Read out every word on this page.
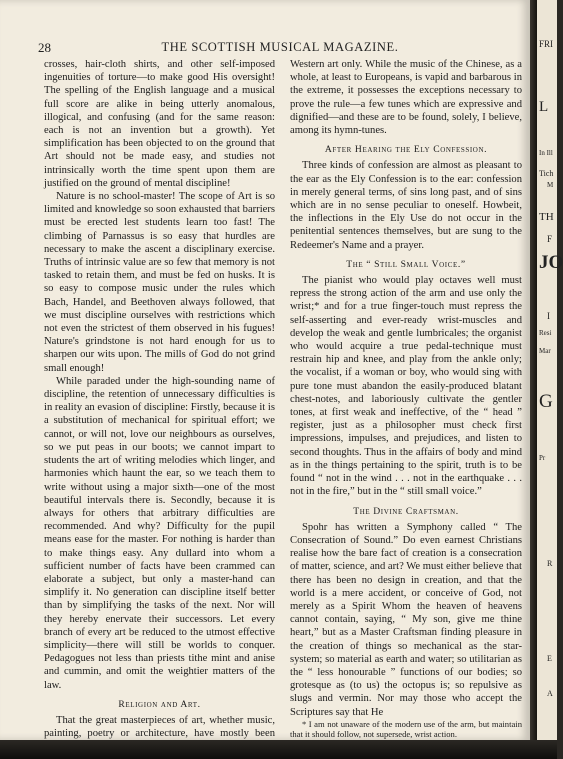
28	THE SCOTTISH MUSICAL MAGAZINE.

crosses, hair-cloth shirts, and other self-imposed ingenuities of torture—to make good His oversight! The spelling of the English language and a musical full score are alike in being utterly anomalous, illogical, and confusing (and for the same reason: each is not an invention but a growth). Yet simplification has been objected to on the ground that Art should not be made easy, and studies not intrinsically worth the time spent upon them are justified on the ground of mental discipline!

Nature is no school-master! The scope of Art is so limited and knowledge so soon exhausted that barriers must be erected lest students learn too fast! The climbing of Parnassus is so easy that hurdles are necessary to make the ascent a disciplinary exercise. Truths of intrinsic value are so few that memory is not tasked to retain them, and must be fed on husks. It is so easy to compose music under the rules which Bach, Handel, and Beethoven always followed, that we must discipline ourselves with restrictions which not even the strictest of them observed in his fugues! Nature's grindstone is not hard enough for us to sharpen our wits upon. The mills of God do not grind small enough!

While paraded under the high-sounding name of discipline, the retention of unnecessary difficulties is in reality an evasion of discipline: Firstly, because it is a substitution of mechanical for spiritual effort; we cannot, or will not, love our neighbours as ourselves, so we put peas in our boots; we cannot impart to students the art of writing melodies which linger, and harmonies which haunt the ear, so we teach them to write without using a major sixth—one of the most beautiful intervals there is. Secondly, because it is always for others that arbitrary difficulties are recommended. And why? Difficulty for the pupil means ease for the master. For nothing is harder than to make things easy. Any dullard into whom a sufficient number of facts have been crammed can elaborate a subject, but only a master-hand can simplify it. No generation can discipline itself better than by simplifying the tasks of the next. Nor will they hereby enervate their successors. Let every branch of every art be reduced to the utmost effective simplicity—there will still be worlds to conquer. Pedagogues not less than priests tithe mint and anise and cummin, and omit the weightier matters of the law.

Religion and Art.

That the great masterpieces of art, whether music, painting, poetry or architecture, have mostly been

Western art only. While the music of the Chinese, as a whole, at least to Europeans, is vapid and barbarous in the extreme, it possesses the exceptions necessary to prove the rule—a few tunes which are expressive and dignified—and these are to be found, solely, I believe, among its hymn-tunes.

After Hearing the Ely Confession.

Three kinds of confession are almost as pleasant to the ear as the Ely Confession is to the ear: confession in merely general terms, of sins long past, and of sins which are in no sense peculiar to oneself. Howbeit, the inflections in the Ely Use do not occur in the penitential sentences themselves, but are sung to the Redeemer's Name and a prayer.

The “ Still Small Voice.”

The pianist who would play octaves well must repress the strong action of the arm and use only the wrist;* and for a true finger-touch must repress the self-asserting and ever-ready wrist-muscles and develop the weak and gentle lumbricales; the organist who would acquire a true pedal-technique must restrain hip and knee, and play from the ankle only; the vocalist, if a woman or boy, who would sing with pure tone must abandon the easily-produced blatant chest-notes, and laboriously cultivate the gentler tones, at first weak and ineffective, of the “ head ” register, just as a philosopher must check first impressions, impulses, and prejudices, and listen to second thoughts. Thus in the affairs of body and mind as in the things pertaining to the spirit, truth is to be found “ not in the wind . . . not in the earthquake . . . not in the fire,” but in the “ still small voice.”

The Divine Craftsman.

Spohr has written a Symphony called “ The Consecration of Sound.” Do even earnest Christians realise how the bare fact of creation is a consecration of matter, science, and art? We must either believe that there has been no design in creation, and that the world is a mere accident, or conceive of God, not merely as a Spirit Whom the heaven of heavens cannot contain, saying, “ My son, give me thine heart,” but as a Master Craftsman finding pleasure in the creation of things so mechanical as the star-system; so material as earth and water; so utilitarian as the “ less honourable ” functions of our bodies; so grotesque as (to us) the octopus is; so repulsive as slugs and vermin. Nor may those who accept the Scriptures say that He

* I am not unaware of the modern use of the arm, but maintain that it should follow, not supersede, wrist action.

FRI
L
In Ill
Tich
M
TH
F
JO
I
Resi
Mar
G
Pr
R
E
A
